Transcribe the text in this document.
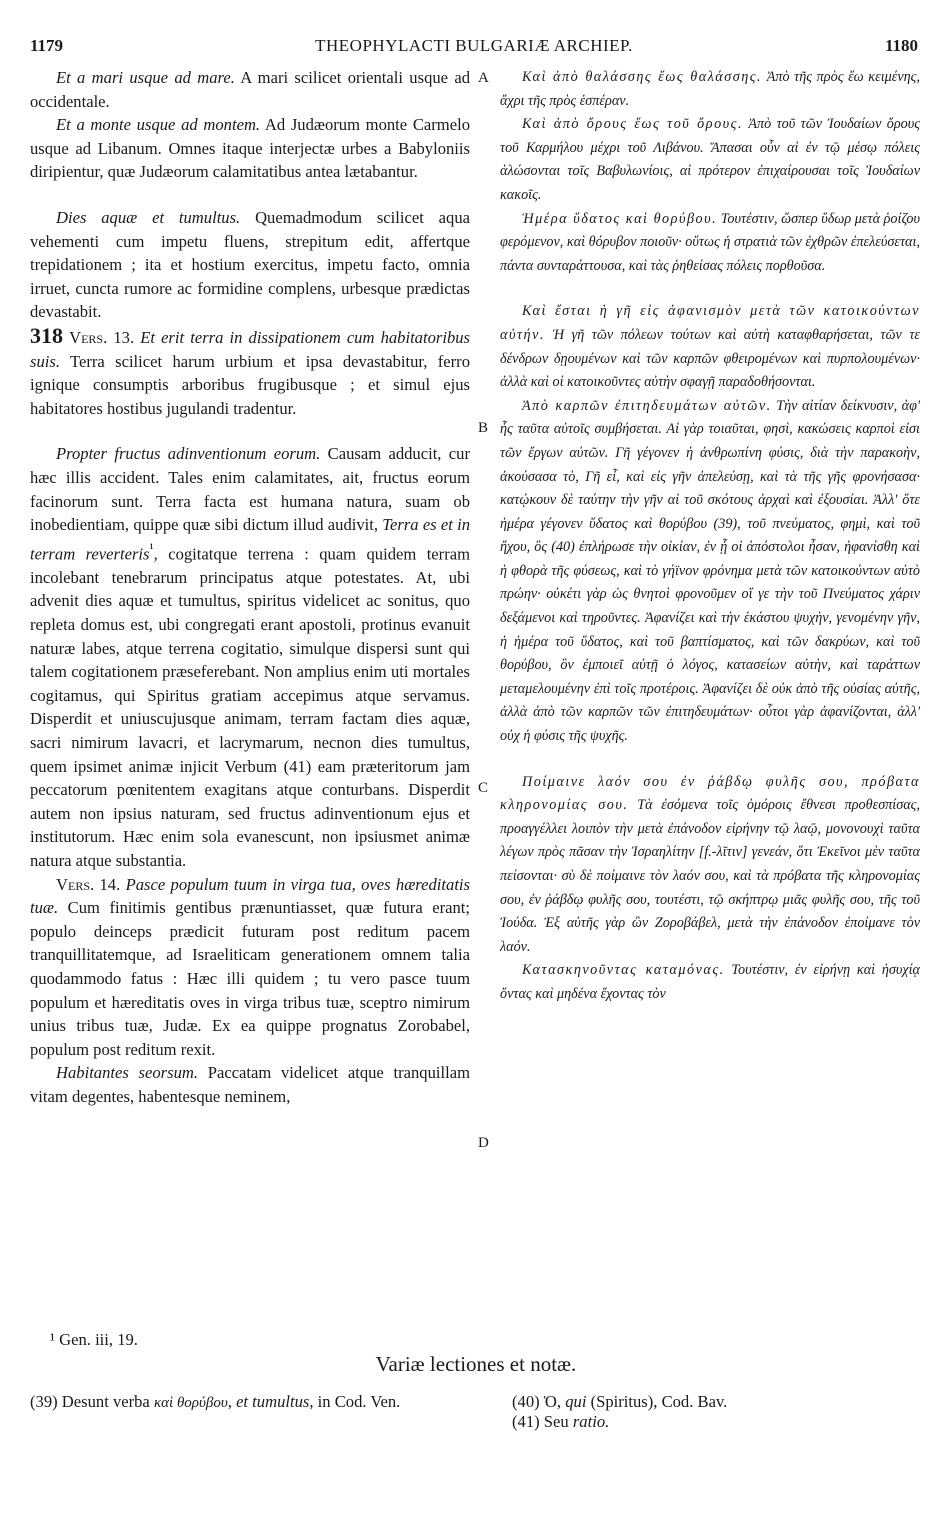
1179	THEOPHYLACTI BULGARIÆ ARCHIEP.	1180

Et a mari usque ad mare. A mari scilicet orientali usque ad occidentale.

Et a monte usque ad montem. Ad Judæorum monte Carmelo usque ad Libanum. Omnes itaque interjectæ urbes a Babyloniis diripientur, quæ Judæorum calamitatibus antea lætabantur.

Dies aquæ et tumultus. Quemadmodum scilicet aqua vehementi cum impetu fluens, strepitum edit, affertque trepidationem ; ita et hostium exercitus, impetu facto, omnia irruet, cuncta rumore ac formidine complens, urbesque prædictas devastabit.

318 Vers. 13. Et erit terra in dissipationem cum habitatoribus suis. Terra scilicet harum urbium et ipsa devastabitur, ferro ignique consumptis arboribus frugibusque ; et simul ejus habitatores hostibus jugulandi tradentur.

Propter fructus adinventionum eorum. Causam adducit, cur hæc illis accident. Tales enim calamitates, ait, fructus eorum facinorum sunt. Terra facta est humana natura, suam ob inobedientiam, quippe quæ sibi dictum illud audivit, Terra es et in terram reverteris$^{^1}$, cogitatque terrena : quam quidem terram incolebant tenebrarum principatus atque potestates. At, ubi advenit dies aquæ et tumultus, spiritus videlicet ac sonitus, quo repleta domus est, ubi congregati erant apostoli, protinus evanuit naturæ labes, atque terrena cogitatio, simulque dispersi sunt qui talem cogitationem præseferebant. Non amplius enim uti mortales cogitamus, qui Spiritus gratiam accepimus atque servamus. Disperdit et uniuscujusque animam, terram factam dies aquæ, sacri nimirum lavacri, et lacrymarum, necnon dies tumultus, quem ipsimet animæ injicit Verbum (41) eam præteritorum jam peccatorum pœnitentem exagitans atque conturbans. Disperdit autem non ipsius naturam, sed fructus adinventionum ejus et institutorum. Hæc enim sola evanescunt, non ipsiusmet animæ natura atque substantia.

Vers. 14. Pasce populum tuum in virga tua, oves hæreditatis tuæ. Cum finitimis gentibus prænuntiasset, quæ futura erant; populo deinceps prædicit futuram post reditum pacem tranquillitatemque, ad Israeliticam generationem omnem talia quodammodo fatus : Hæc illi quidem ; tu vero pasce tuum populum et hæreditatis oves in virga tribus tuæ, sceptro nimirum unius tribus tuæ, Judæ. Ex ea quippe prognatus Zorobabel, populum post reditum rexit.

Habitantes seorsum. Paccatam videlicet atque tranquillam vitam degentes, habentesque neminem,

A
B
C
D

Καὶ ἀπὸ θαλάσσης ἕως θαλάσσης. Ἀπὸ τῆς πρὸς ἕω κειμένης, ἄχρι τῆς πρὸς ἑσπέραν.

Καὶ ἀπὸ ὄρους ἕως τοῦ ὄρους. Ἀπὸ τοῦ τῶν Ἰουδαίων ὄρους τοῦ Καρμήλου μέχρι τοῦ Λιβάνου. Ἅπασαι οὖν αἱ ἐν τῷ μέσῳ πόλεις ἁλώσονται τοῖς Βαβυλωνίοις, αἱ πρότερον ἐπιχαίρουσαι τοῖς Ἰουδαίων κακοῖς.

Ἡμέρα ὕδατος καὶ θορύβου. Τουτέστιν, ὥσπερ ὕδωρ μετὰ ῥοίζου φερόμενον, καὶ θόρυβον ποιοῦν· οὕτως ἡ στρατιὰ τῶν ἐχθρῶν ἐπελεύσεται, πάντα συνταράττουσα, καὶ τὰς ῥηθείσας πόλεις πορθοῦσα.

Καὶ ἔσται ἡ γῆ εἰς ἀφανισμὸν μετὰ τῶν κατοικούντων αὐτήν. Ἡ γῆ τῶν πόλεων τούτων καὶ αὐτὴ καταφθαρήσεται, τῶν τε δένδρων δῃουμένων καὶ τῶν καρπῶν φθειρομένων καὶ πυρπολουμένων· ἀλλὰ καὶ οἱ κατοικοῦντες αὐτὴν σφαγῇ παραδοθήσονται.

Ἀπὸ καρπῶν ἐπιτηδευμάτων αὐτῶν. Τὴν αἰτίαν δείκνυσιν, ἀφ' ἧς ταῦτα αὐτοῖς συμβήσεται. Αἱ γὰρ τοιαῦται, φησὶ, κακώσεις καρποὶ εἰσι τῶν ἔργων αὐτῶν. Γῆ γέγονεν ἡ ἀνθρωπίνη φύσις, διὰ τὴν παρακοὴν, ἀκούσασα τὸ, Γῆ εἶ, καὶ εἰς γῆν ἀπελεύσῃ, καὶ τὰ τῆς γῆς φρονήσασα· κατῴκουν δὲ ταύτην τὴν γῆν αἱ τοῦ σκότους ἀρχαὶ καὶ ἐξουσίαι. Ἀλλ' ὅτε ἡμέρα γέγονεν ὕδατος καὶ θορύβου (39), τοῦ πνεύματος, φημὶ, καὶ τοῦ ἤχου, ὃς (40) ἐπλήρωσε τὴν οἰκίαν, ἐν ᾗ οἱ ἀπόστολοι ἦσαν, ἠφανίσθη καὶ ἡ φθορὰ τῆς φύσεως, καὶ τὸ γήϊνον φρόνημα μετὰ τῶν κατοικούντων αὐτὸ πρώην· οὐκέτι γὰρ ὡς θνητοὶ φρονοῦμεν οἵ γε τὴν τοῦ Πνεύματος χάριν δεξάμενοι καὶ τηροῦντες. Ἀφανίζει καὶ τὴν ἑκάστου ψυχὴν, γενομένην γῆν, ἡ ἡμέρα τοῦ ὕδατος, καὶ τοῦ βαπτίσματος, καὶ τῶν δακρύων, καὶ τοῦ θορύβου, ὃν ἐμποιεῖ αὐτῇ ὁ λόγος, κατασείων αὐτὴν, καὶ ταράττων μεταμελουμένην ἐπὶ τοῖς προτέροις. Ἀφανίζει δὲ οὐκ ἀπὸ τῆς οὐσίας αὐτῆς, ἀλλὰ ἀπὸ τῶν καρπῶν τῶν ἐπιτηδευμάτων· οὗτοι γὰρ ἀφανίζονται, ἀλλ' οὐχ ἡ φύσις τῆς ψυχῆς.

Ποίμαινε λαόν σου ἐν ῥάβδῳ φυλῆς σου, πρόβατα κληρονομίας σου. Τὰ ἐσόμενα τοῖς ὁμόροις ἔθνεσι προθεσπίσας, προαγγέλλει λοιπὸν τὴν μετὰ ἐπάνοδον εἰρήνην τῷ λαῷ, μονονουχὶ ταῦτα λέγων πρὸς πᾶσαν τὴν Ἰσραηλίτην [f.-λῖτιν] γενεάν, ὅτι Ἐκεῖνοι μὲν ταῦτα πείσονται· σὺ δὲ ποίμαινε τὸν λαόν σου, καὶ τὰ πρόβατα τῆς κληρονομίας σου, ἐν ῥάβδῳ φυλῆς σου, τουτέστι, τῷ σκήπτρῳ μιᾶς φυλῆς σου, τῆς τοῦ Ἰούδα. Ἐξ αὐτῆς γὰρ ὢν Ζοροβάβελ, μετὰ τὴν ἐπάνοδον ἐποίμανε τὸν λαόν.

Κατασκηνοῦντας καταμόνας. Τουτέστιν, ἐν εἰρήνῃ καὶ ἡσυχίᾳ ὄντας καὶ μηδένα ἔχοντας τὸν

¹ Gen. iii, 19.
Variæ lectiones et notæ.

(39) Desunt verba καὶ θορύβου, et tumultus, in Cod. Ven.	(40) Ὁ, qui (Spiritus), Cod. Bav.

(41) Seu ratio.
